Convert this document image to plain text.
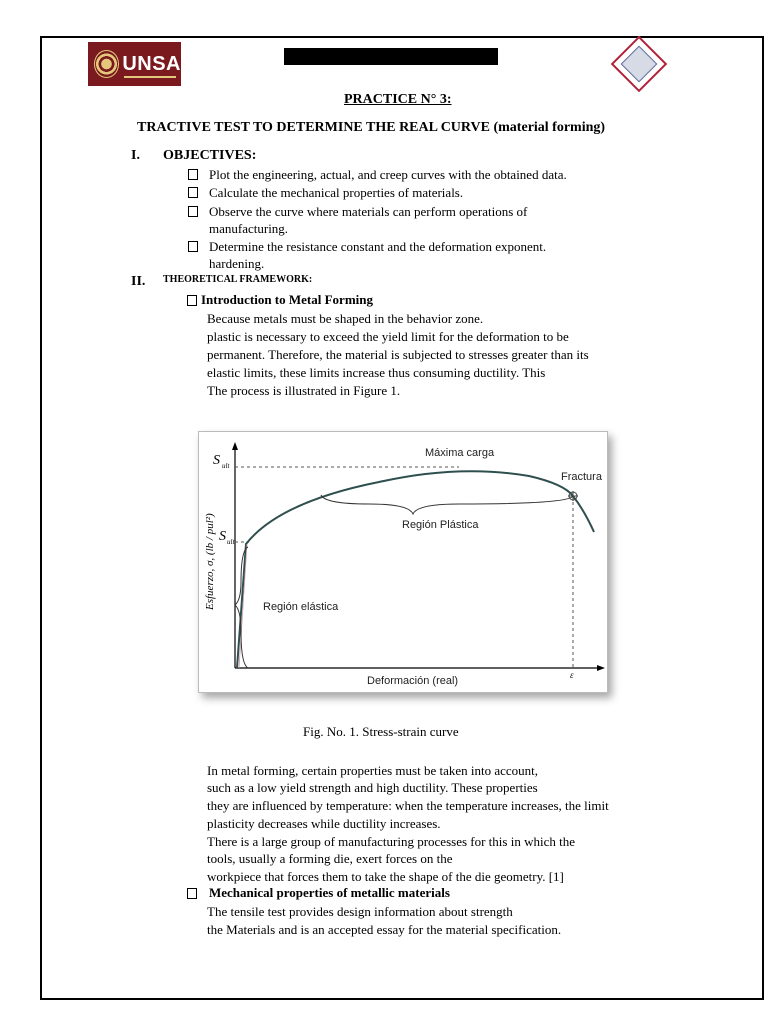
UNSA
PRACTICE N° 3:
TRACTIVE TEST TO DETERMINE THE REAL CURVE (material forming)
I. OBJECTIVES:
Plot the engineering, actual, and creep curves with the obtained data.
Calculate the mechanical properties of materials.
Observe the curve where materials can perform operations of
manufacturing.
Determine the resistance constant and the deformation exponent.
hardening.
II. THEORETICAL FRAMEWORK:
Introduction to Metal Forming
Because metals must be shaped in the behavior zone.
plastic is necessary to exceed the yield limit for the deformation to be
permanent. Therefore, the material is subjected to stresses greater than its
elastic limits, these limits increase thus consuming ductility. This
The process is illustrated in Figure 1.
S ult
S ult
Máxima carga
Fractura
Región Plástica
Región elástica
Deformación (real)	ε
Esfuerzo, σ, (lb / pul²)
Fig. No. 1. Stress-strain curve
In metal forming, certain properties must be taken into account,
such as a low yield strength and high ductility. These properties
they are influenced by temperature: when the temperature increases, the limit
plasticity decreases while ductility increases.
There is a large group of manufacturing processes for this in which the
tools, usually a forming die, exert forces on the
workpiece that forces them to take the shape of the die geometry. [1]
Mechanical properties of metallic materials
The tensile test provides design information about strength
the Materials and is an accepted essay for the material specification.
